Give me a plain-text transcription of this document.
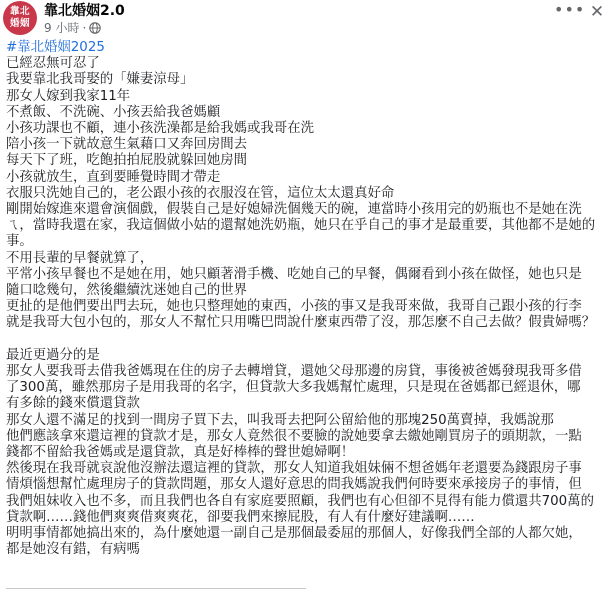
靠北
婚姻
靠北婚姻2.0
9 小時 ·
••• ✕

#靠北婚姻2025

已經忍無可忍了

我要靠北我哥娶的「嫌妻涼母」

那女人嫁到我家11年

不煮飯、不洗碗、小孩丟給我爸媽顧

小孩功課也不顧，連小孩洗澡都是給我媽或我哥在洗

陪小孩一下就故意生氣藉口又奔回房間去

每天下了班，吃飽拍拍屁股就躲回她房間

小孩就放生，直到要睡覺時間才帶走

衣服只洗她自己的，老公跟小孩的衣服沒在管，這位太太還真好命

剛開始嫁進來還會演個戲，假裝自己是好媳婦洗個幾天的碗，連當時小孩用完的奶瓶也不是她在洗

ㄟ，當時我還在家，我這個做小姑的還幫她洗奶瓶，她只在乎自己的事才是最重要，其他都不是她的事。

不用長輩的早餐就算了，

平常小孩早餐也不是她在用，她只顧著滑手機、吃她自己的早餐，偶爾看到小孩在做怪，她也只是

隨口唸幾句，然後繼續沈迷她自己的世界

更扯的是他們要出門去玩，她也只整理她的東西，小孩的事又是我哥來做，我哥自己跟小孩的行李

就是我哥大包小包的，那女人不幫忙只用嘴巴問說什麼東西帶了沒，那怎麼不自己去做？假貴婦嗎？

最近更過分的是

那女人要我哥去借我爸媽現在住的房子去轉增貸，還她父母那邊的房貸，事後被爸媽發現我哥多借

了300萬，雖然那房子是用我哥的名字，但貸款大多我媽幫忙處理，只是現在爸媽都已經退休，哪

有多餘的錢來償還貸款

那女人還不滿足的找到一間房子買下去，叫我哥去把阿公留給他的那塊250萬賣掉，我媽說那

他們應該拿來還這裡的貸款才是，那女人竟然很不要臉的說她要拿去繳她剛買房子的頭期款，一點

錢都不留給我爸媽或是還貸款，真是好棒棒的聲世媳婦啊！

然後現在我哥就哀說他沒辦法還這裡的貸款，那女人知道我姐妹倆不想爸媽年老還要為錢跟房子事

情煩惱想幫忙處理房子的貸款問題，那女人還好意思的問我媽說我們何時要來承接房子的事情，但

我們姐妹收入也不多，而且我們也各自有家庭要照顧，我們也有心但卻不見得有能力償還共700萬的

貸款啊……錢他們爽爽借爽爽花，卻要我們來擦屁股，有人有什麼好建議啊……

明明事情都她搞出來的，為什麼她還一副自己是那個最委屈的那個人，好像我們全部的人都欠她，

都是她沒有錯，有病嗎
